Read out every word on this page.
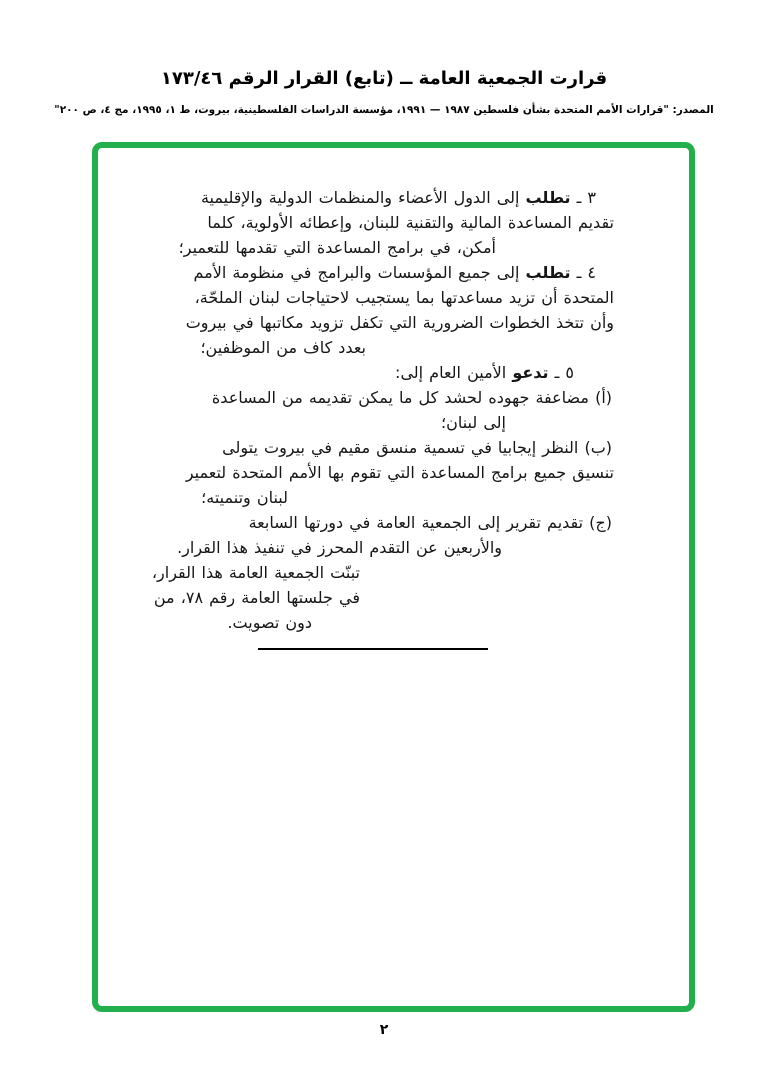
قرارت الجمعية العامة ــ (تابع) القرار الرقم ١٧٣/٤٦
المصدر: "قرارات الأمم المتحدة بشأن فلسطين ١٩٨٧ — ١٩٩١، مؤسسة الدراسات الفلسطينية، بيروت، ط ١، ١٩٩٥، مج ٤، ص ٢٠٠"
٣ ـ تطلب إلى الدول الأعضاء والمنظمات الدولية والإقليمية
تقديم المساعدة المالية والتقنية للبنان، وإعطائه الأولوية، كلما
أمكن، في برامج المساعدة التي تقدمها للتعمير؛
٤ ـ تطلب إلى جميع المؤسسات والبرامج في منظومة الأمم
المتحدة أن تزيد مساعدتها بما يستجيب لاحتياجات لبنان الملحّة،
وأن تتخذ الخطوات الضرورية التي تكفل تزويد مكاتبها في بيروت
بعدد كاف من الموظفين؛
٥ ـ تدعو الأمين العام إلى:
(أ) مضاعفة جهوده لحشد كل ما يمكن تقديمه من المساعدة
إلى لبنان؛
(ب) النظر إيجابيا في تسمية منسق مقيم في بيروت يتولى
تنسيق جميع برامج المساعدة التي تقوم بها الأمم المتحدة لتعمير
لبنان وتنميته؛
(ج) تقديم تقرير إلى الجمعية العامة في دورتها السابعة
والأربعين عن التقدم المحرز في تنفيذ هذا القرار.
تبنّت الجمعية العامة هذا القرار،
في جلستها العامة رقم ٧٨، من
دون تصويت.
٢
